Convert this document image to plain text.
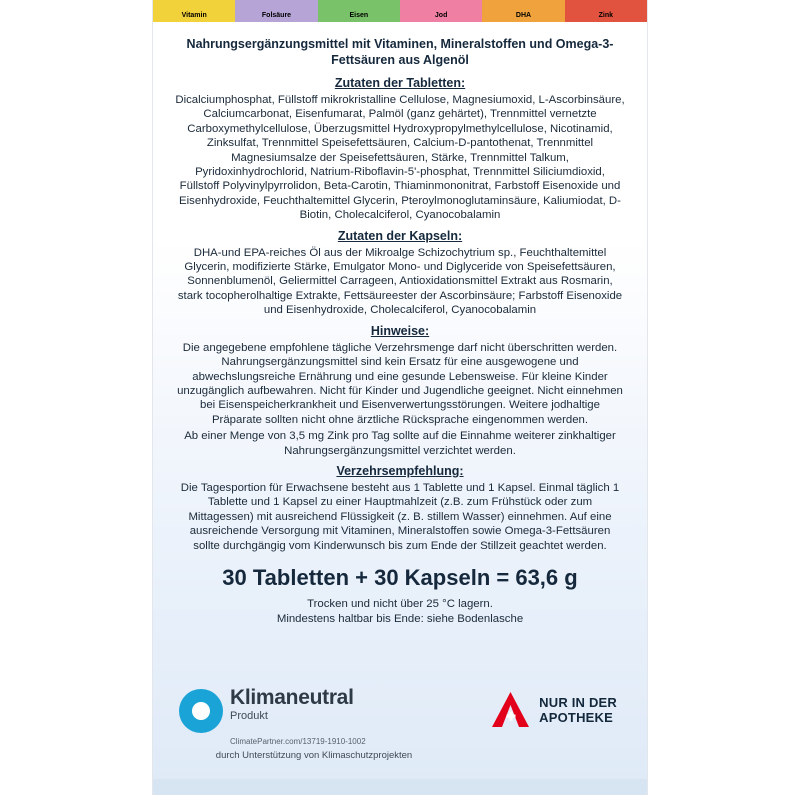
Vitamin	Folsäure	Eisen	Jod	DHA	Zink
Nahrungsergänzungsmittel mit Vitaminen, Mineralstoffen und Omega-3-Fettsäuren aus Algenöl
Zutaten der Tabletten:
Dicalciumphosphat, Füllstoff mikrokristalline Cellulose, Magnesiumoxid, L-Ascorbinsäure, Calciumcarbonat, Eisenfumarat, Palmöl (ganz gehärtet), Trennmittel vernetzte Carboxymethylcellulose, Überzugsmittel Hydroxypropylmethylcellulose, Nicotinamid, Zinksulfat, Trennmittel Speisefettsäuren, Calcium-D-pantothenat, Trennmittel Magnesiumsalze der Speisefettsäuren, Stärke, Trennmittel Talkum, Pyridoxinhydrochlorid, Natrium-Riboflavin-5'-phosphat, Trennmittel Siliciumdioxid, Füllstoff Polyvinylpyrrolidon, Beta-Carotin, Thiaminmononitrat, Farbstoff Eisenoxide und Eisenhydroxide, Feuchthaltemittel Glycerin, Pteroylmonoglutaminsäure, Kaliumiodat, D-Biotin, Cholecalciferol, Cyanocobalamin
Zutaten der Kapseln:
DHA-und EPA-reiches Öl aus der Mikroalge Schizochytrium sp., Feuchthaltemittel Glycerin, modifizierte Stärke, Emulgator Mono- und Diglyceride von Speisefettsäuren, Sonnenblumenöl, Geliermittel Carrageen, Antioxidationsmittel Extrakt aus Rosmarin, stark tocopherolhaltige Extrakte, Fettsäureester der Ascorbinsäure; Farbstoff Eisenoxide und Eisenhydroxide, Cholecalciferol, Cyanocobalamin
Hinweise:
Die angegebene empfohlene tägliche Verzehrsmenge darf nicht überschritten werden. Nahrungsergänzungsmittel sind kein Ersatz für eine ausgewogene und abwechslungsreiche Ernährung und eine gesunde Lebensweise. Für kleine Kinder unzugänglich aufbewahren. Nicht für Kinder und Jugendliche geeignet. Nicht einnehmen bei Eisenspeicherkrankheit und Eisenverwertungsstörungen. Weitere jodhaltige Präparate sollten nicht ohne ärztliche Rücksprache eingenommen werden.
Ab einer Menge von 3,5 mg Zink pro Tag sollte auf die Einnahme weiterer zinkhaltiger Nahrungsergänzungsmittel verzichtet werden.
Verzehrsempfehlung:
Die Tagesportion für Erwachsene besteht aus 1 Tablette und 1 Kapsel. Einmal täglich 1 Tablette und 1 Kapsel zu einer Hauptmahlzeit (z.B. zum Frühstück oder zum Mittagessen) mit ausreichend Flüssigkeit (z. B. stillem Wasser) einnehmen. Auf eine ausreichende Versorgung mit Vitaminen, Mineralstoffen sowie Omega-3-Fettsäuren sollte durchgängig vom Kinderwunsch bis zum Ende der Stillzeit geachtet werden.
30 Tabletten + 30 Kapseln = 63,6 g
Trocken und nicht über 25 °C lagern.
Mindestens haltbar bis Ende: siehe Bodenlasche
Klimaneutral
Produkt
ClimatePartner.com/13719-1910-1002
durch Unterstützung von Klimaschutzprojekten
NUR IN DER
APOTHEKE
